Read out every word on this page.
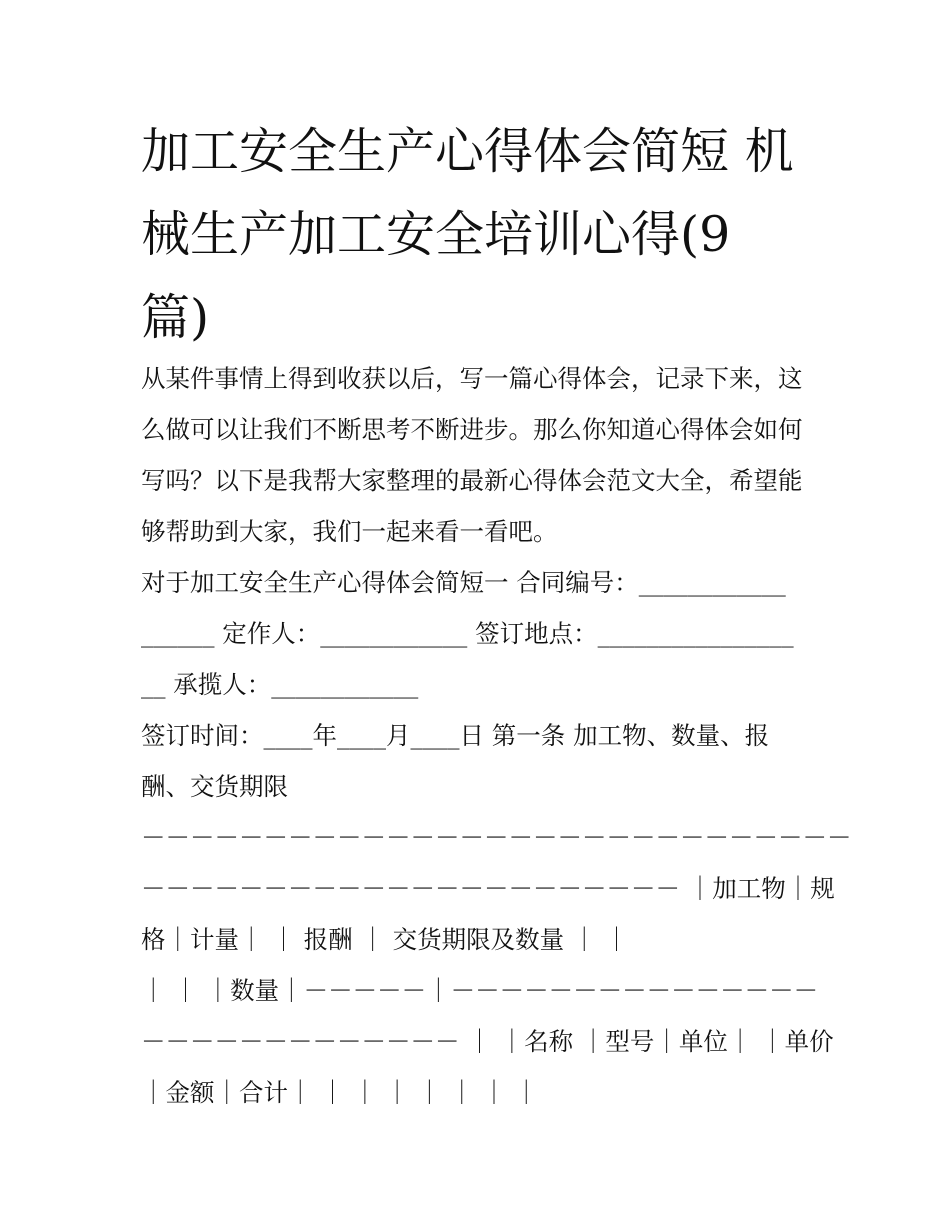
加工安全生产心得体会简短 机
械生产加工安全培训心得(9
篇)
从某件事情上得到收获以后，写一篇心得体会，记录下来，这
么做可以让我们不断思考不断进步。那么你知道心得体会如何
写吗？以下是我帮大家整理的最新心得体会范文大全，希望能
够帮助到大家，我们一起来看一看吧。
对于加工安全生产心得体会简短一 合同编号：____________
______ 定作人：____________ 签订地点：________________
__ 承揽人：____________
签订时间：____年____月____日 第一条 加工物、数量、报
酬、交货期限
－－－－－－－－－－－－－－－－－－－－－－－－－－－－－
－－－－－－－－－－－－－－－－－－－－－－ ｜加工物｜规
格｜计量｜ ｜ 报酬 ｜ 交货期限及数量 ｜ ｜
｜ ｜ ｜数量｜－－－－－｜－－－－－－－－－－－－－－－
－－－－－－－－－－－－－ ｜ ｜名称 ｜型号｜单位｜ ｜单价
｜金额｜合计｜ ｜ ｜ ｜ ｜ ｜ ｜ ｜
